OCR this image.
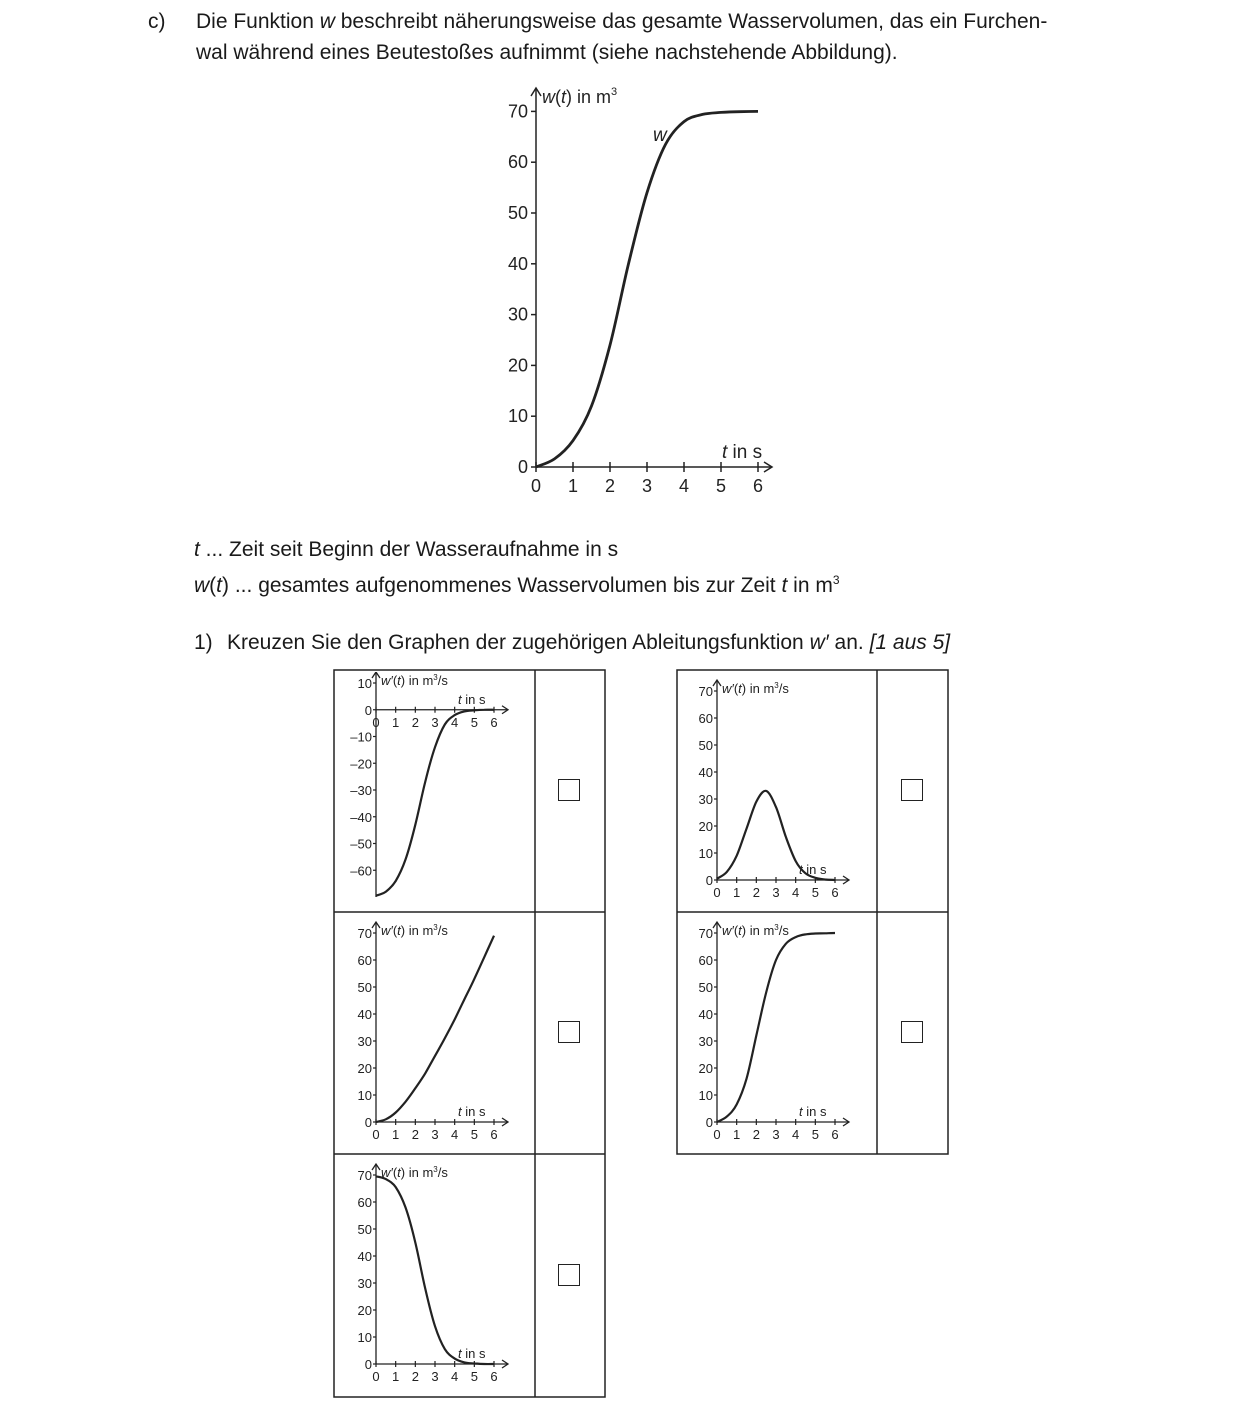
c) Die Funktion w beschreibt näherungsweise das gesamte Wasservolumen, das ein Furchen-
wal während eines Beutestoßes aufnimmt (siehe nachstehende Abbildung).
0
10
20
30
40
50
60
70
0 1 2 3 4 5 6
w(t) in $m^3$
t in s
w
t ... Zeit seit Beginn der Wasseraufnahme in s
w(t) ... gesamtes aufgenommenes Wasservolumen bis zur Zeit t in $m^3$
1) Kreuzen Sie den Graphen der zugehörigen Ableitungsfunktion w′ an. [1 aus 5]
10
0
–10
–20
–30
–40
–50
–60
0 1 2 3 4 5 6
w′(t) in $m^3/s$
t in s
0
10
20
30
40
50
60
70
0 1 2 3 4 5 6
w′(t) in $m^3/s$
t in s
0
10
20
30
40
50
60
70
0 1 2 3 4 5 6
w′(t) in $m^3/s$
t in s
0
10
20
30
40
50
60
70
0 1 2 3 4 5 6
w′(t) in $m^3/s$
t in s
0
10
20
30
40
50
60
70
0 1 2 3 4 5 6
w′(t) in $m^3/s$
t in s
